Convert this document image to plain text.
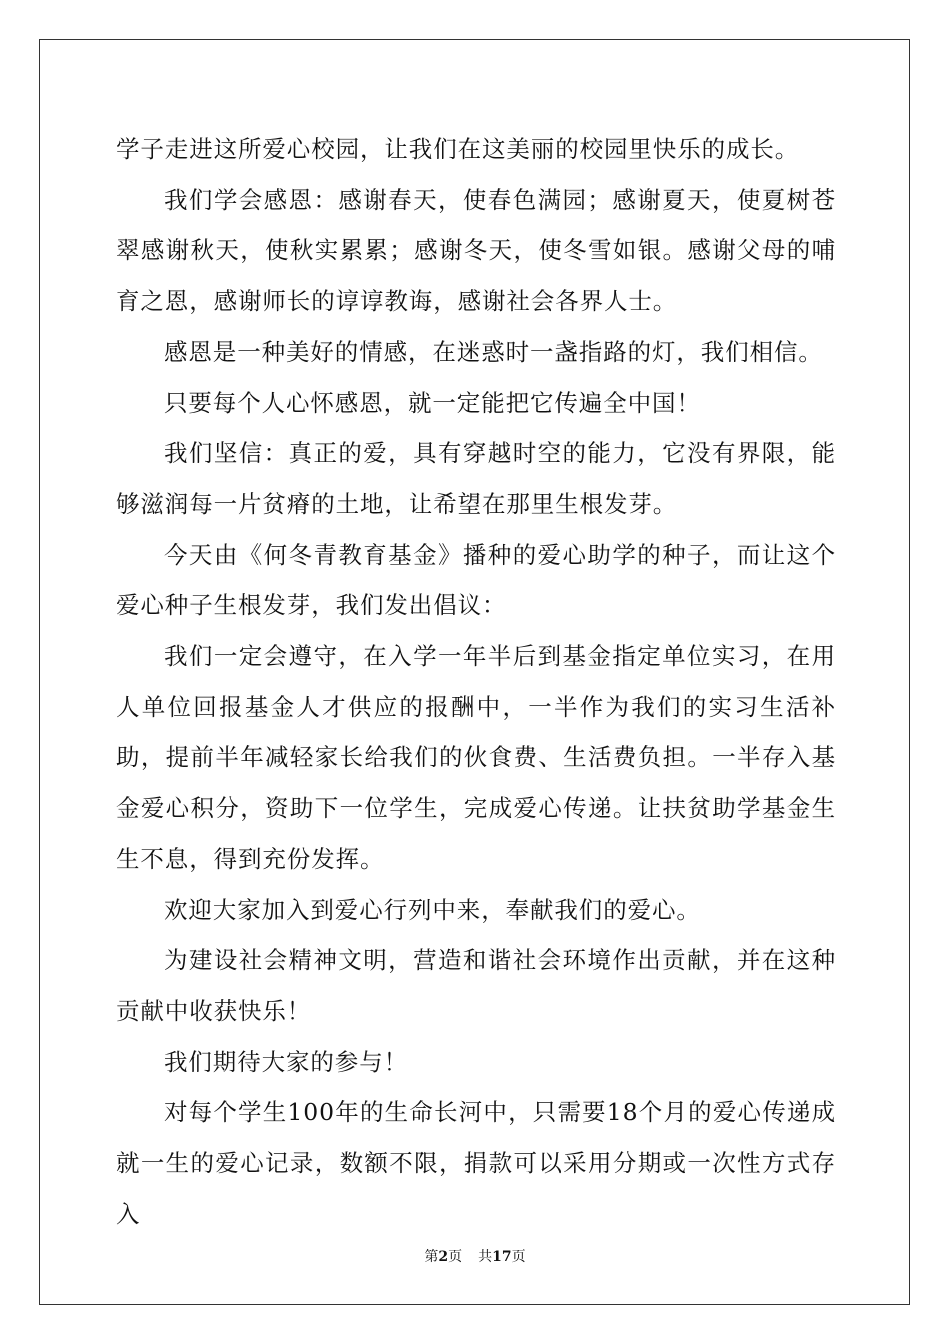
学子走进这所爱心校园，让我们在这美丽的校园里快乐的成长。

我们学会感恩：感谢春天，使春色满园；感谢夏天，使夏树苍翠感谢秋天，使秋实累累；感谢冬天，使冬雪如银。感谢父母的哺育之恩，感谢师长的谆谆教诲，感谢社会各界人士。

感恩是一种美好的情感，在迷惑时一盏指路的灯，我们相信。

只要每个人心怀感恩，就一定能把它传遍全中国！

我们坚信：真正的爱，具有穿越时空的能力，它没有界限，能够滋润每一片贫瘠的土地，让希望在那里生根发芽。

今天由《何冬青教育基金》播种的爱心助学的种子，而让这个爱心种子生根发芽，我们发出倡议：

我们一定会遵守，在入学一年半后到基金指定单位实习，在用人单位回报基金人才供应的报酬中，一半作为我们的实习生活补助，提前半年减轻家长给我们的伙食费、生活费负担。一半存入基金爱心积分，资助下一位学生，完成爱心传递。让扶贫助学基金生生不息，得到充份发挥。

欢迎大家加入到爱心行列中来，奉献我们的爱心。

为建设社会精神文明，营造和谐社会环境作出贡献，并在这种贡献中收获快乐！

我们期待大家的参与！

对每个学生100年的生命长河中，只需要18个月的爱心传递成就一生的爱心记录，数额不限，捐款可以采用分期或一次性方式存入

第2页 共17页
